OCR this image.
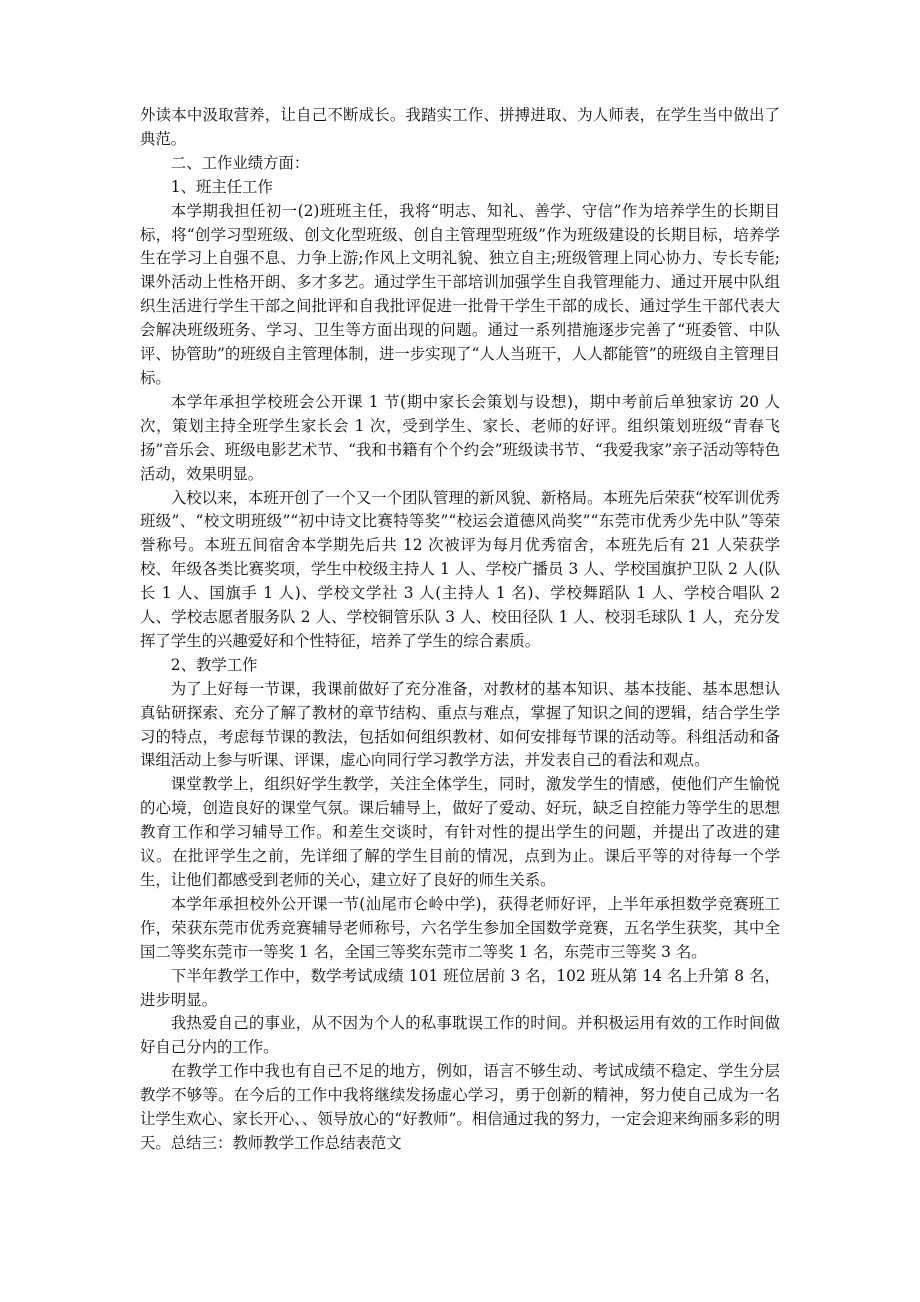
外读本中汲取营养，让自己不断成长。我踏实工作、拼搏进取、为人师表，在学生当中做出了典范。

二、工作业绩方面：

1、班主任工作

本学期我担任初一(2)班班主任，我将“明志、知礼、善学、守信”作为培养学生的长期目标，将“创学习型班级、创文化型班级、创自主管理型班级”作为班级建设的长期目标，培养学生在学习上自强不息、力争上游;作风上文明礼貌、独立自主;班级管理上同心协力、专长专能;课外活动上性格开朗、多才多艺。通过学生干部培训加强学生自我管理能力、通过开展中队组织生活进行学生干部之间批评和自我批评促进一批骨干学生干部的成长、通过学生干部代表大会解决班级班务、学习、卫生等方面出现的问题。通过一系列措施逐步完善了“班委管、中队评、协管助”的班级自主管理体制，进一步实现了“人人当班干，人人都能管”的班级自主管理目标。

本学年承担学校班会公开课 1 节(期中家长会策划与设想)，期中考前后单独家访 20 人次，策划主持全班学生家长会 1 次，受到学生、家长、老师的好评。组织策划班级“青春飞扬”音乐会、班级电影艺术节、“我和书籍有个个约会”班级读书节、“我爱我家”亲子活动等特色活动，效果明显。

入校以来，本班开创了一个又一个团队管理的新风貌、新格局。本班先后荣获“校军训优秀班级”、“校文明班级”“初中诗文比赛特等奖”“校运会道德风尚奖”“东莞市优秀少先中队”等荣誉称号。本班五间宿舍本学期先后共 12 次被评为每月优秀宿舍，本班先后有 21 人荣获学校、年级各类比赛奖项，学生中校级主持人 1 人、学校广播员 3 人、学校国旗护卫队 2 人(队长 1 人、国旗手 1 人)、学校文学社 3 人(主持人 1 名)、学校舞蹈队 1 人、学校合唱队 2 人、学校志愿者服务队 2 人、学校铜管乐队 3 人、校田径队 1 人、校羽毛球队 1 人，充分发挥了学生的兴趣爱好和个性特征，培养了学生的综合素质。

2、教学工作

为了上好每一节课，我课前做好了充分准备，对教材的基本知识、基本技能、基本思想认真钻研探索、充分了解了教材的章节结构、重点与难点，掌握了知识之间的逻辑，结合学生学习的特点，考虑每节课的教法，包括如何组织教材、如何安排每节课的活动等。科组活动和备课组活动上参与听课、评课，虚心向同行学习教学方法，并发表自己的看法和观点。

课堂教学上，组织好学生教学，关注全体学生，同时，激发学生的情感，使他们产生愉悦的心境，创造良好的课堂气氛。课后辅导上，做好了爱动、好玩，缺乏自控能力等学生的思想教育工作和学习辅导工作。和差生交谈时，有针对性的提出学生的问题，并提出了改进的建议。在批评学生之前，先详细了解的学生目前的情况，点到为止。课后平等的对待每一个学生，让他们都感受到老师的关心，建立好了良好的师生关系。

本学年承担校外公开课一节(汕尾市仑岭中学)，获得老师好评，上半年承担数学竞赛班工作，荣获东莞市优秀竞赛辅导老师称号，六名学生参加全国数学竞赛，五名学生获奖，其中全国二等奖东莞市一等奖 1 名，全国三等奖东莞市二等奖 1 名，东莞市三等奖 3 名。

下半年教学工作中，数学考试成绩 101 班位居前 3 名，102 班从第 14 名上升第 8 名，进步明显。

我热爱自己的事业，从不因为个人的私事耽误工作的时间。并积极运用有效的工作时间做好自己分内的工作。

在教学工作中我也有自己不足的地方，例如，语言不够生动、考试成绩不稳定、学生分层教学不够等。在今后的工作中我将继续发扬虚心学习，勇于创新的精神，努力使自己成为一名让学生欢心、家长开心、、领导放心的“好教师”。相信通过我的努力，一定会迎来绚丽多彩的明天。总结三：教师教学工作总结表范文
